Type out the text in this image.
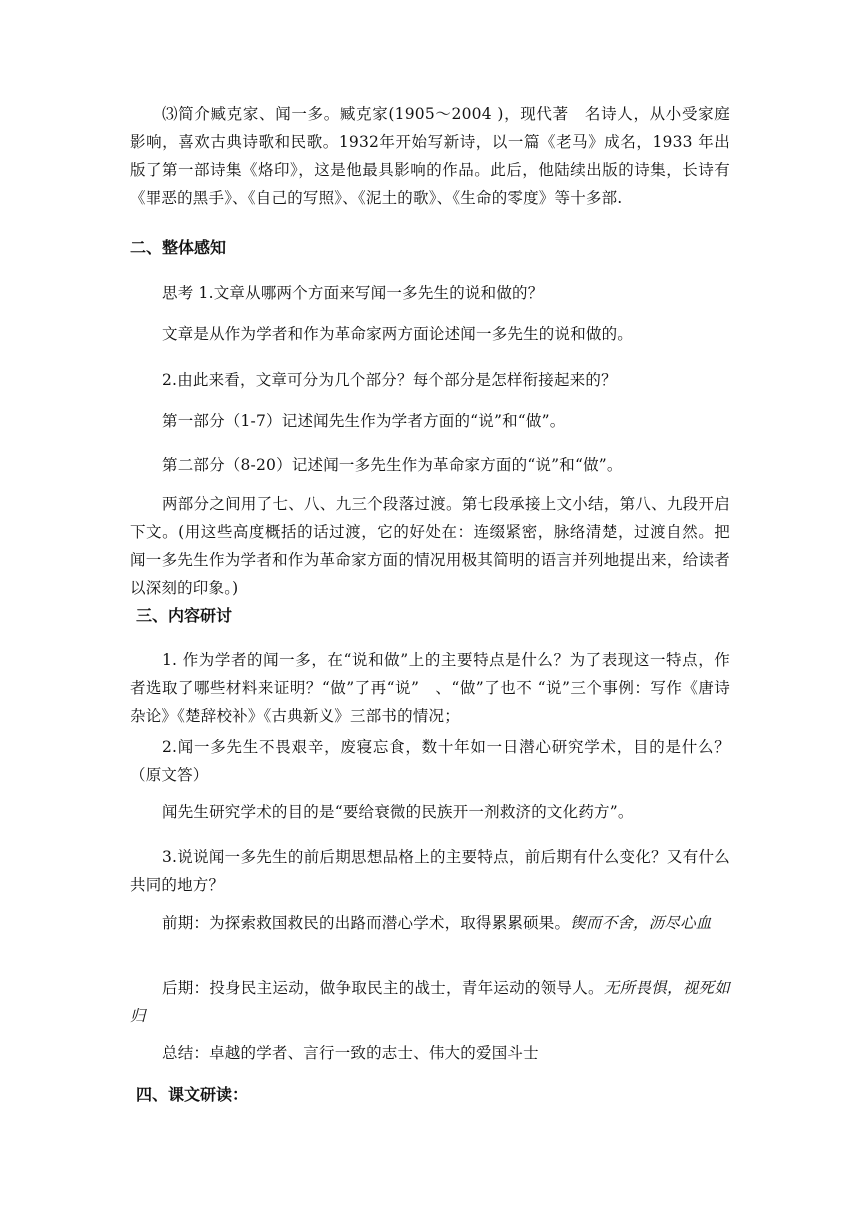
⑶简介臧克家、闻一多。臧克家(1905～2004 )，现代著　名诗人，从小受家庭影响，喜欢古典诗歌和民歌。1932年开始写新诗，以一篇《老马》成名，1933 年出版了第一部诗集《烙印》，这是他最具影响的作品。此后，他陆续出版的诗集，长诗有《罪恶的黑手》、《自己的写照》、《泥土的歌》、《生命的零度》等十多部.

二、整体感知

思考 1.文章从哪两个方面来写闻一多先生的说和做的？

文章是从作为学者和作为革命家两方面论述闻一多先生的说和做的。

2.由此来看，文章可分为几个部分？每个部分是怎样衔接起来的？

第一部分（1-7）记述闻先生作为学者方面的“说”和“做”。

第二部分（8-20）记述闻一多先生作为革命家方面的“说”和“做”。

两部分之间用了七、八、九三个段落过渡。第七段承接上文小结，第八、九段开启下文。(用这些高度概括的话过渡，它的好处在：连缀紧密，脉络清楚，过渡自然。把闻一多先生作为学者和作为革命家方面的情况用极其简明的语言并列地提出来，给读者以深刻的印象。)

三、内容研讨

1. 作为学者的闻一多，在“说和做”上的主要特点是什么？为了表现这一特点，作者选取了哪些材料来证明？“做”了再“说”　、“做”了也不 “说”三个事例：写作《唐诗杂论》《楚辞校补》《古典新义》三部书的情况；

2.闻一多先生不畏艰辛，废寝忘食，数十年如一日潜心研究学术，目的是什么？（原文答）

闻先生研究学术的目的是“要给衰微的民族开一剂救济的文化药方”。

3.说说闻一多先生的前后期思想品格上的主要特点，前后期有什么变化？又有什么共同的地方？

前期：为探索救国救民的出路而潜心学术，取得累累硕果。锲而不舍，沥尽心血

后期：投身民主运动，做争取民主的战士，青年运动的领导人。无所畏惧，视死如归

总结：卓越的学者、言行一致的志士、伟大的爱国斗士

四、课文研读：
